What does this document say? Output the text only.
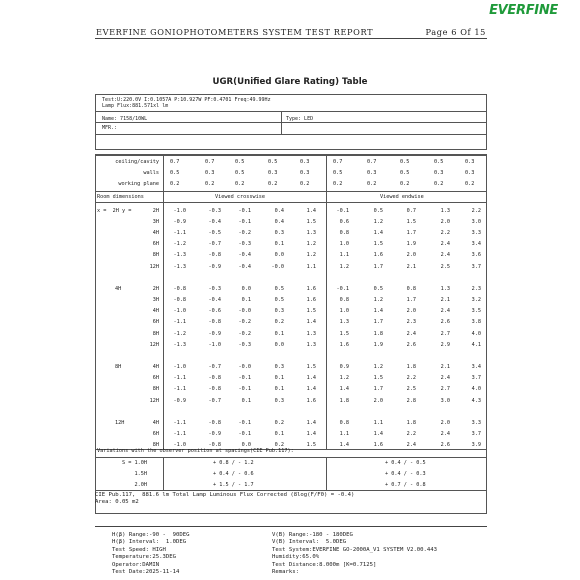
EVERFINE
EVERFINE GONIOPHOTOMETERS SYSTEM TEST REPORT	Page 6 Of 15
UGR(Unified Glare Rating) Table
Test:U:220.0V I:0.1057A P:10.927W PF:0.4701 Freq:49.99Hz
Lamp Flux:881.571xl lm
Name: 7158/10WL	Type: LED
MFR.:
ceiling/cavity 0.7	0.7	0.5	0.5	0.3	0.7	0.7	0.5	0.5	0.3
walls 0.5	0.3	0.5	0.3	0.3	0.5	0.3	0.5	0.3	0.3
working plane 0.2	0.2	0.2	0.2	0.2	0.2	0.2	0.2	0.2	0.2
Room dimensions	Viewed crosswise	Viewed endwise
x =  2H y =	2H	-1.0	-0.3	-0.1	0.4	1.4	-0.1	0.5	0.7	1.3	2.2
3H	-0.9	-0.4	-0.1	0.4	1.5	0.6	1.2	1.5	2.0	3.0
4H	-1.1	-0.5	-0.2	0.3	1.3	0.8	1.4	1.7	2.2	3.3
6H	-1.2	-0.7	-0.3	0.1	1.2	1.0	1.5	1.9	2.4	3.4
8H	-1.3	-0.8	-0.4	0.0	1.2	1.1	1.6	2.0	2.4	3.6
12H	-1.3	-0.9	-0.4	-0.0	1.1	1.2	1.7	2.1	2.5	3.7
4H	2H	-0.8	-0.3	0.0	0.5	1.6	-0.1	0.5	0.8	1.3	2.3
3H	-0.8	-0.4	0.1	0.5	1.6	0.8	1.2	1.7	2.1	3.2
4H	-1.0	-0.6	-0.0	0.3	1.5	1.0	1.4	2.0	2.4	3.5
6H	-1.1	-0.8	-0.2	0.2	1.4	1.3	1.7	2.3	2.6	3.8
8H	-1.2	-0.9	-0.2	0.1	1.3	1.5	1.8	2.4	2.7	4.0
12H	-1.3	-1.0	-0.3	0.0	1.3	1.6	1.9	2.6	2.9	4.1
8H	4H	-1.0	-0.7	-0.0	0.3	1.5	0.9	1.2	1.8	2.1	3.4
6H	-1.1	-0.8	-0.1	0.1	1.4	1.2	1.5	2.2	2.4	3.7
8H	-1.1	-0.8	-0.1	0.1	1.4	1.4	1.7	2.5	2.7	4.0
12H	-0.9	-0.7	0.1	0.3	1.6	1.8	2.0	2.8	3.0	4.3
12H	4H	-1.1	-0.8	-0.1	0.2	1.4	0.8	1.1	1.8	2.0	3.3
6H	-1.1	-0.9	-0.1	0.1	1.4	1.1	1.4	2.2	2.4	3.7
8H	-1.0	-0.8	0.0	0.2	1.5	1.4	1.6	2.4	2.6	3.9
Variations with the observer position at spacings(CIE Pub.117):
S = 1.0H	+ 0.8 / - 1.2	+ 0.4 / - 0.5
1.5H	+ 0.4 / - 0.6	+ 0.4 / - 0.3
2.0H	+ 1.5 / - 1.7	+ 0.7 / - 0.8
CIE Pub.117,  881.6 lm Total Lamp Luminous Flux Corrected (8log(F/F0) = -0.4)
Area: 0.05 m2
H(β) Range:-90 -  90DEG
H(β) Interval:  1.0DEG
Test Speed: HIGH
Temperature:25.3DEG
Operator:DAMIN
Test Date:2025-11-14
V(B) Range:-180 - 180DEG
V(B) Interval:  5.0DEG
Test System:EVERFINE GO-2000A_V1 SYSTEM V2.00.443
Humidity:65.0%
Test Distance:8.000m [K=0.7125]
Remarks:
